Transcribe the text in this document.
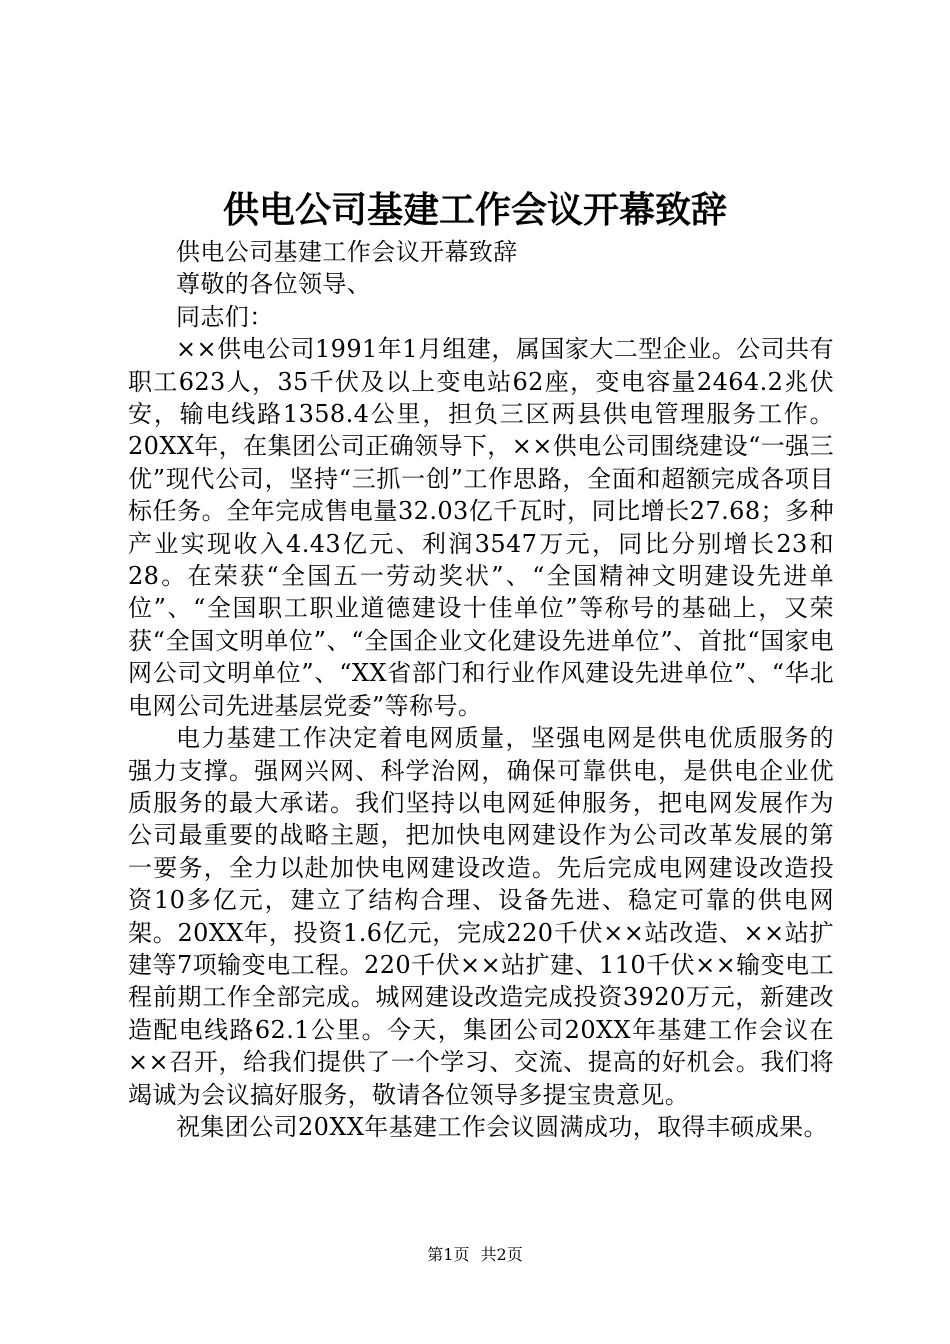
供电公司基建工作会议开幕致辞

供电公司基建工作会议开幕致辞

尊敬的各位领导、

同志们：

××供电公司1991年1月组建，属国家大二型企业。公司共有职工623人，35千伏及以上变电站62座，变电容量2464.2兆伏安，输电线路1358.4公里，担负三区两县供电管理服务工作。20XX年，在集团公司正确领导下，××供电公司围绕建设“一强三优”现代公司，坚持“三抓一创”工作思路，全面和超额完成各项目标任务。全年完成售电量32.03亿千瓦时，同比增长27.68；多种产业实现收入4.43亿元、利润3547万元，同比分别增长23和28。在荣获“全国五一劳动奖状”、“全国精神文明建设先进单位”、“全国职工职业道德建设十佳单位”等称号的基础上，又荣获“全国文明单位”、“全国企业文化建设先进单位”、首批“国家电网公司文明单位”、“XX省部门和行业作风建设先进单位”、“华北电网公司先进基层党委”等称号。

电力基建工作决定着电网质量，坚强电网是供电优质服务的强力支撑。强网兴网、科学治网，确保可靠供电，是供电企业优质服务的最大承诺。我们坚持以电网延伸服务，把电网发展作为公司最重要的战略主题，把加快电网建设作为公司改革发展的第一要务，全力以赴加快电网建设改造。先后完成电网建设改造投资10多亿元，建立了结构合理、设备先进、稳定可靠的供电网架。20XX年，投资1.6亿元，完成220千伏××站改造、××站扩建等7项输变电工程。220千伏××站扩建、110千伏××输变电工程前期工作全部完成。城网建设改造完成投资3920万元，新建改造配电线路62.1公里。今天，集团公司20XX年基建工作会议在××召开，给我们提供了一个学习、交流、提高的好机会。我们将竭诚为会议搞好服务，敬请各位领导多提宝贵意见。

祝集团公司20XX年基建工作会议圆满成功，取得丰硕成果。

第1页 共2页
